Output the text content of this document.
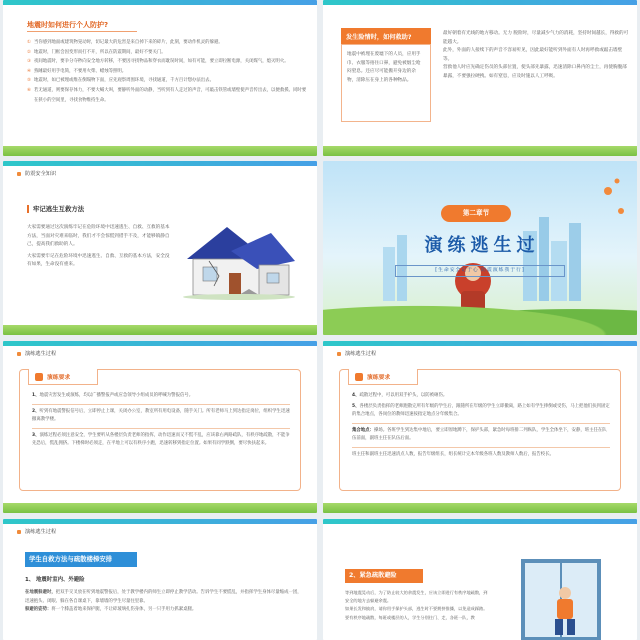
地震时如何进行个人防护?
① 当你感到地面或建筑物晃动时，切记最大的危害是来自掉下来的碎片，此刻，要动作机灵的躲避。
② 地震时，门框会因变形而打不开，所以在防震期间，最好不要关门。
③ 夜间地震时，要争分夺秒向安全地方转移，不要因寻找物品和穿衣而耽误时间，如有可能，要立即拉断电源，关闭煤气，熄灭明火。
④ 熟睡最好用手电筒，不要用火柴、蜡烛等照明。
⑤ 地震时，如已被埋或维在倒塌物下面，应先观察周围环境，寻找通道，千方百计想办法出去。
⑥ 若无通道，则要保存体力，不要大喊大叫，要静听外面的动静，当听到有人走过的声音，可敲击铁管或墙壁使声音传出去，以便救援。同时要在狭小的空间里，寻找食物维持生命。
发生险情时，如何救助?
地震中被埋在废墟下的人员，应用手巾、衣服等捂住口鼻，避免被烟尘呛闷窒息。还应尽可能搬开身边的杂物，清除压在身上的各种物品。

最好朝着有光线的地方移动。无力 脱险时，尽量减少气力的消耗，坚持时间越长，得救的可能越大。

此外，外面的人接续下的声音不容易听见，因此最好能听到外面有人时再呼救或敲击墙壁等。

营救他人时应先确定伤员的头部位置，使头部先暴露，迅速清除口鼻内的尘土，再使胸腹部暴露，不要强拉硬拽。如有窒息，应及时施以人工呼吸。

防震安全知识
牢记逃生互救方法

大家需要通过这次演练牢记在危险环境中迅速逃生、自救、互救的基本方法，当面对灾难来临时，我们才不会惊慌到措手不及，才能够镇静自己，提高我们救助的人。

大家需要牢记在危险环境中迅速逃生、自救、互救的基本方法，安全没有如果，生命没有重来。

第二章节
演练逃生过
[生命安全记于心 防震演练我于行]
演练逃生过程
演练要求

1、地震灾害发生或演练，均以广播警报声或应急领导小组成员的呼喊为警报信号。

2、听到有地震警报信号后，立即停止上课，关闭办公室，教室所有用电设备，随手关门。所有老师马上到达指定岗位，组织学生迅速撤离教学楼。

3、演练过程必须注意安全，学生要听从各楼层负责老师的指挥，动作迅速而又不慌不乱，应该靠右两路疏队，有秩序地疏散，不能争先恐后，慌乱拥挤。下楼梯时必须走，在平地上可以有秩序小跑，迅速转移到指定位置。如果有同学跌倒，要尽快扶起来。

演练逃生过程
演练要求

4、疏散过程中，可以用双手护头，以防被砸伤。

5、各楼层负责指挥的老师跑散完所有年级的学生后，跟随所在年级的学生立即撤离，路上如有学生摔倒或受伤，马上把他们扶到固定的集合地点，各岗位的教师迅速按指定地点分年级集合。

集合地点：操场。各班学生到达集中地后，要立即原地蹲下，保护头部，紧急时每班排二列纵队，学生全体坐下，安静，班主任在队伍前面，副班主任在队伍后面。

班主任和副班主任迅速清点人数，报告年级组长，组长统计完本年级各班人数及教师人数后，报告校长。

演练逃生过程
学生自救方法与疏散楼梯安排
1、 地震时室内、外避险

在地震躲避时，把双手交叉放在听到地震警报后，处于教学楼内的师生立即停止教学活动。告诉学生不要慌乱，并指挥学生身体尽量缩成一团，迅速抱头、闭眼、躲在各自课桌下，靠墙墙的学生尽量往里靠。

躲避的姿势：将一个膝盖着地来保护腿，不让碎玻璃扎伤身体，另一只手用力抓紧桌腿。

2、紧急疏散避险

等到地震晃动后，为了防止较大的余震发生，应该立即进行有秩序地疏散，到安全的地方去躲避余震。

如果长发和披肩，请你用手保护头部，逃生时不要拥挤推搡，以免造成踩踏。

要有秩序地疏散，每班或楼层的人，学生分别往门、走，各班一队，教
